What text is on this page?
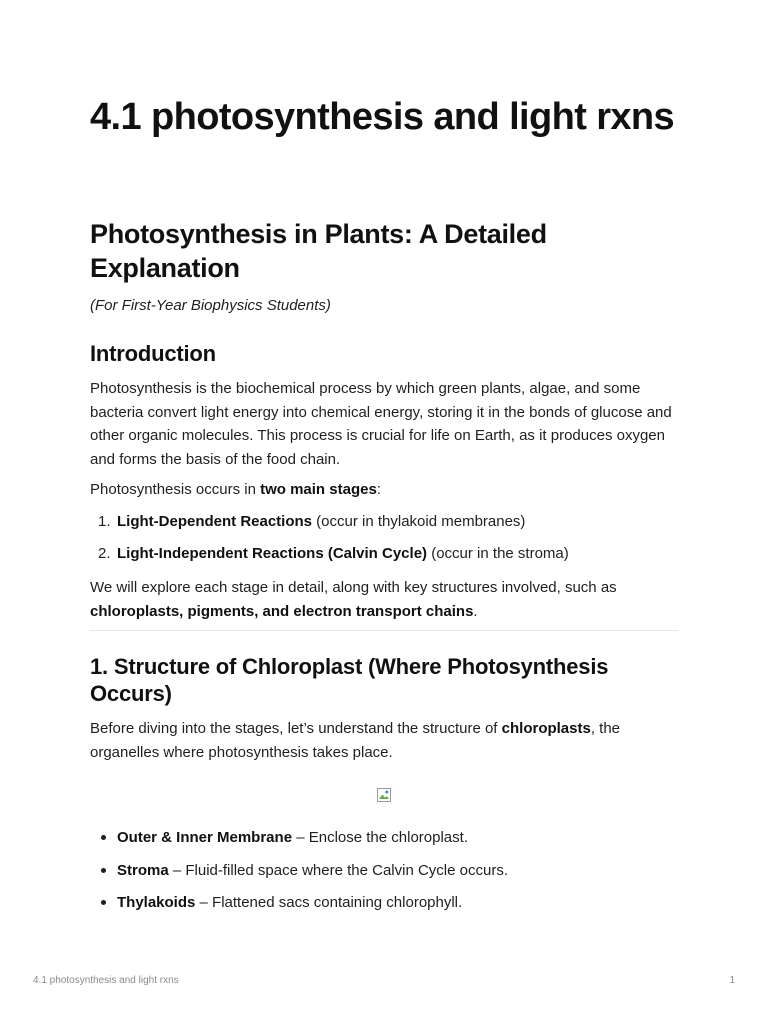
4.1 photosynthesis and light rxns
Photosynthesis in Plants: A Detailed Explanation

(For First-Year Biophysics Students)

Introduction

Photosynthesis is the biochemical process by which green plants, algae, and some bacteria convert light energy into chemical energy, storing it in the bonds of glucose and other organic molecules. This process is crucial for life on Earth, as it produces oxygen and forms the basis of the food chain.

Photosynthesis occurs in two main stages:

1. Light-Dependent Reactions (occur in thylakoid membranes)
2. Light-Independent Reactions (Calvin Cycle) (occur in the stroma)

We will explore each stage in detail, along with key structures involved, such as
chloroplasts, pigments, and electron transport chains.

1. Structure of Chloroplast (Where Photosynthesis Occurs)

Before diving into the stages, let’s understand the structure of chloroplasts, the organelles where photosynthesis takes place.

Outer & Inner Membrane – Enclose the chloroplast.
Stroma – Fluid-filled space where the Calvin Cycle occurs.
Thylakoids – Flattened sacs containing chlorophyll.
4.1 photosynthesis and light rxns	1
